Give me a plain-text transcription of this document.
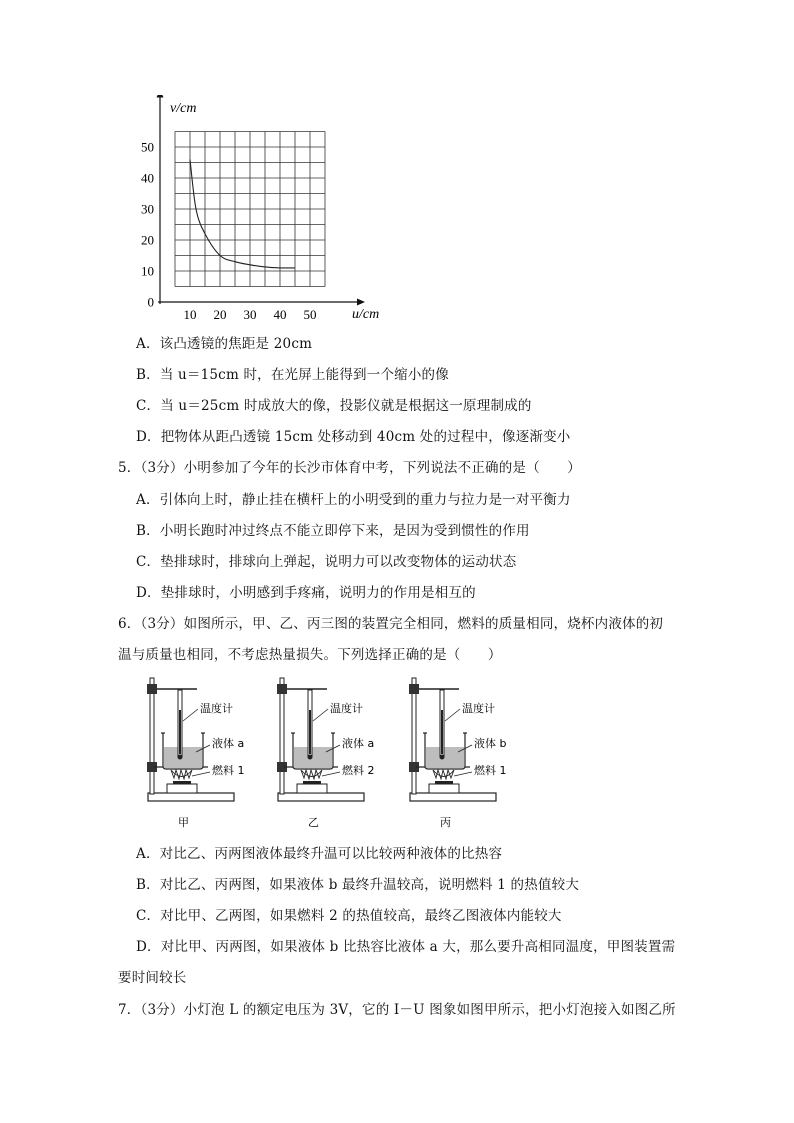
10 20 30 40 50
0
10
20
30
40
50
v/cm
u/cm
A．该凸透镜的焦距是 20cm
B．当 u＝15cm 时，在光屏上能得到一个缩小的像
C．当 u＝25cm 时成放大的像，投影仪就是根据这一原理制成的
D．把物体从距凸透镜 15cm 处移动到 40cm 处的过程中，像逐渐变小
5．（3分）小明参加了今年的长沙市体育中考，下列说法不正确的是（　　）
A．引体向上时，静止挂在横杆上的小明受到的重力与拉力是一对平衡力
B．小明长跑时冲过终点不能立即停下来，是因为受到惯性的作用
C．垫排球时，排球向上弹起，说明力可以改变物体的运动状态
D．垫排球时，小明感到手疼痛，说明力的作用是相互的
6．（3分）如图所示，甲、乙、丙三图的装置完全相同，燃料的质量相同，烧杯内液体的初
温与质量也相同，不考虑热量损失。下列选择正确的是（　　）
温度计
液体 a
燃料 1
甲
温度计
液体 a
燃料 2
乙
温度计
液体 b
燃料 1
丙
A．对比乙、丙两图液体最终升温可以比较两种液体的比热容
B．对比乙、丙两图，如果液体 b 最终升温较高，说明燃料 1 的热值较大
C．对比甲、乙两图，如果燃料 2 的热值较高，最终乙图液体内能较大
D．对比甲、丙两图，如果液体 b 比热容比液体 a 大，那么要升高相同温度，甲图装置需
要时间较长
7．（3分）小灯泡 L 的额定电压为 3V，它的 I－U 图象如图甲所示，把小灯泡接入如图乙所
